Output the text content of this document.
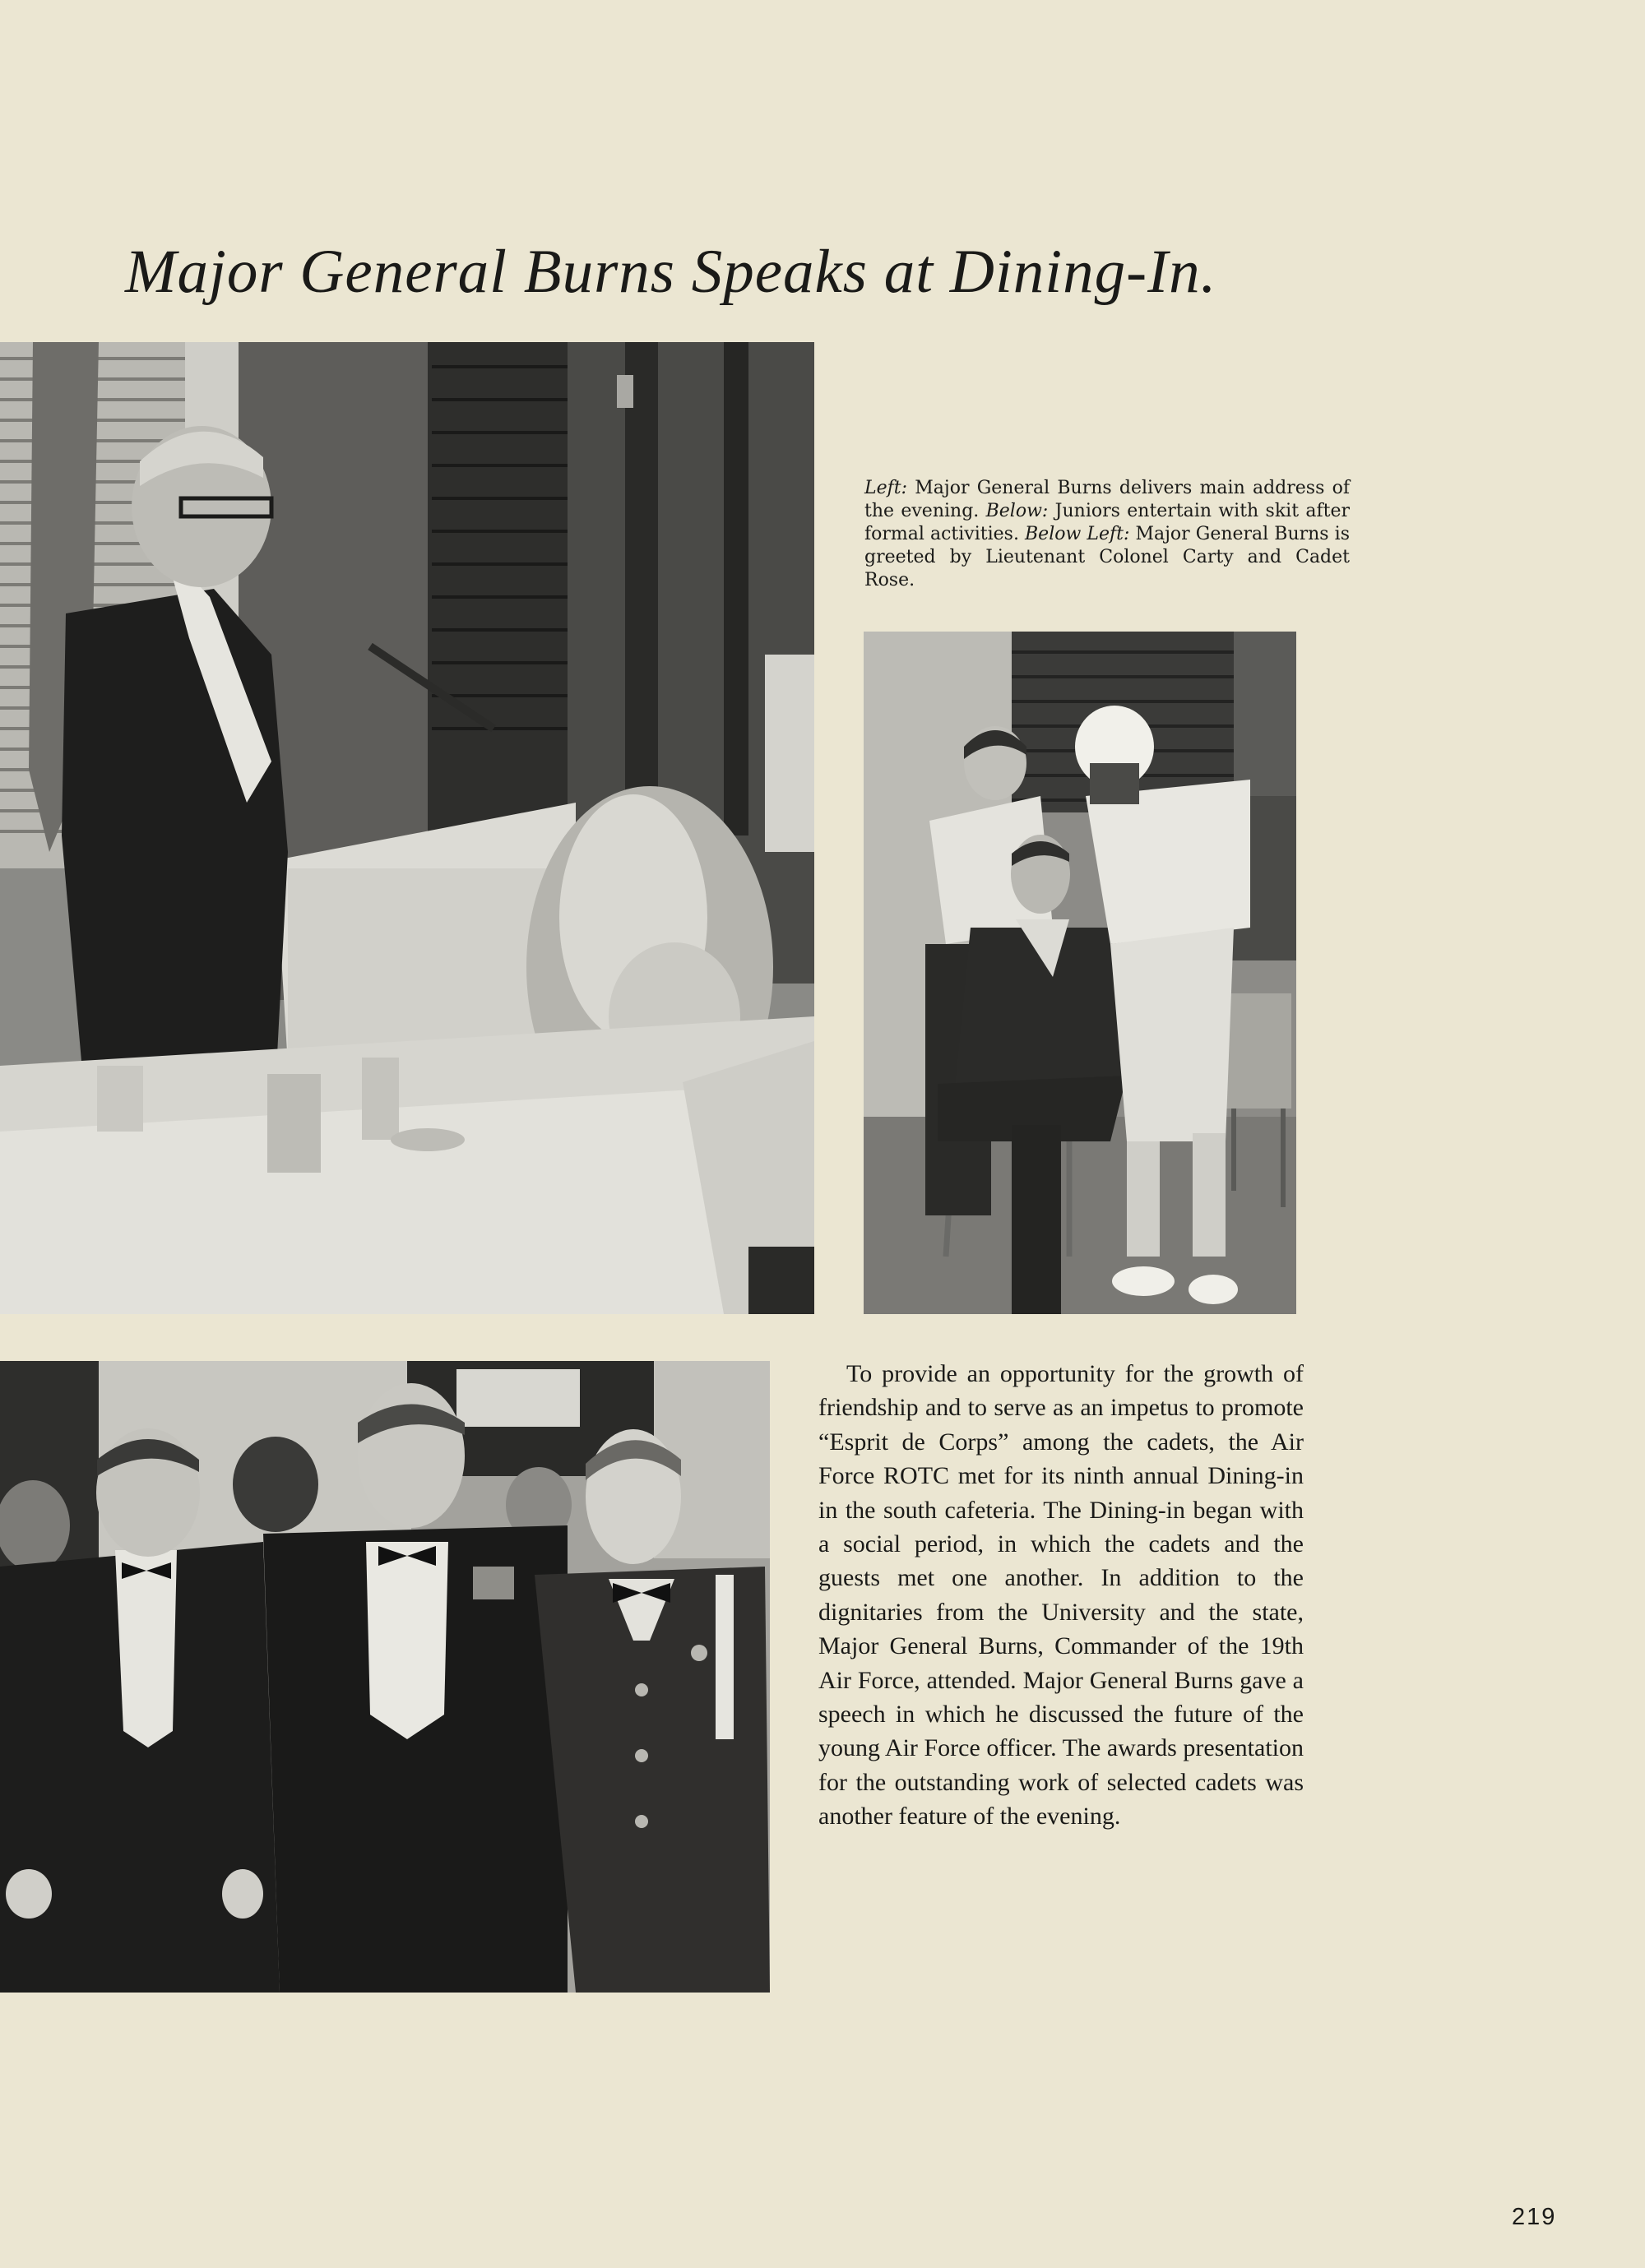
Major General Burns Speaks at Dining-In.

Left: Major General Burns delivers main address of the evening. Below: Juniors entertain with skit after formal activities. Below Left: Major General Burns is greeted by Lieutenant Colonel Carty and Cadet Rose.

To provide an opportunity for the growth of friendship and to serve as an impetus to promote “Esprit de Corps” among the cadets, the Air Force ROTC met for its ninth annual Dining-in in the south cafeteria. The Dining-in began with a social period, in which the cadets and the guests met one another. In addition to the dignitaries from the University and the state, Major General Burns, Commander of the 19th Air Force, attended. Major General Burns gave a speech in which he discussed the future of the young Air Force officer. The awards presentation for the outstanding work of selected cadets was another feature of the evening.

219
